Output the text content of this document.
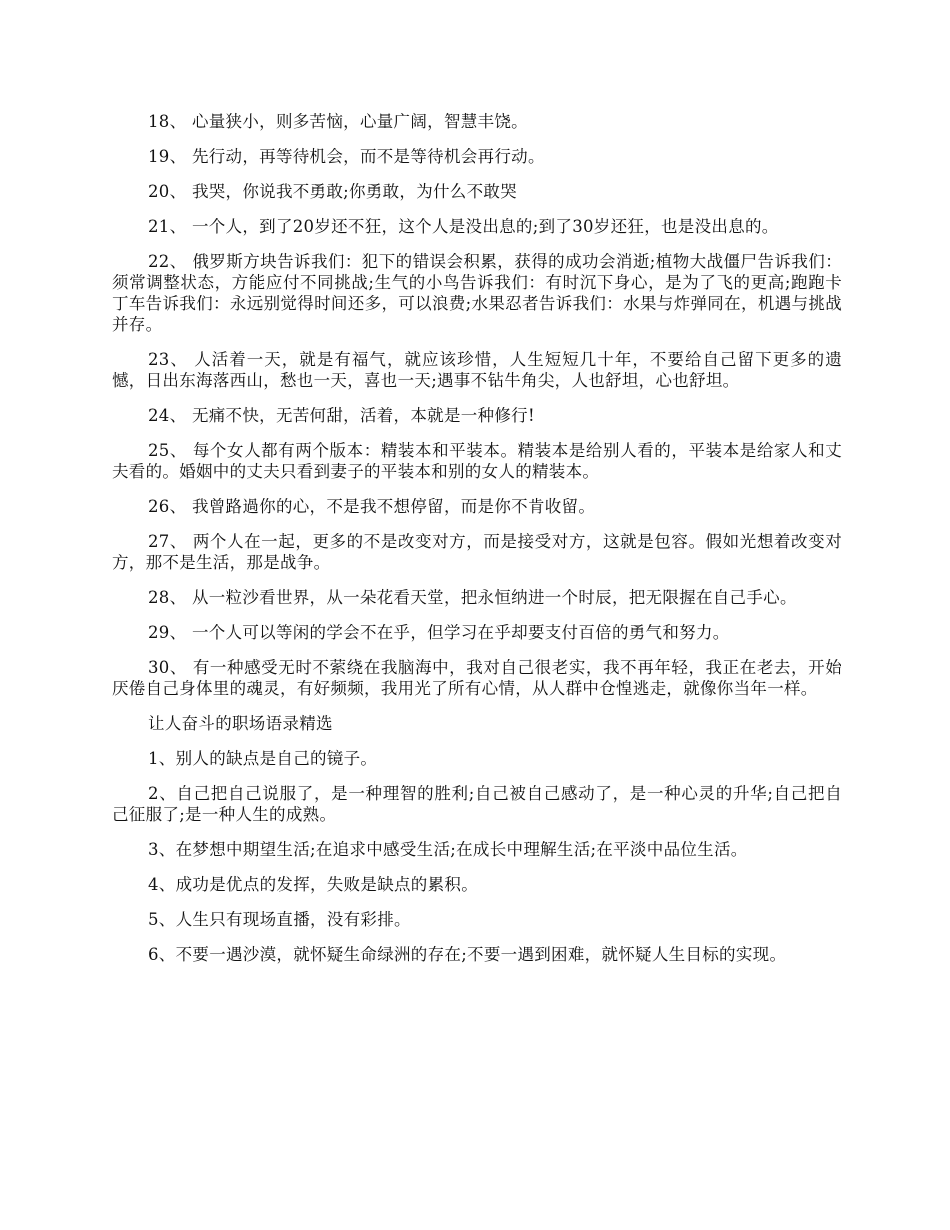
18、 心量狭小，则多苦恼，心量广阔，智慧丰饶。

19、 先行动，再等待机会，而不是等待机会再行动。

20、 我哭，你说我不勇敢;你勇敢，为什么不敢哭

21、 一个人，到了20岁还不狂，这个人是没出息的;到了30岁还狂，也是没出息的。

22、 俄罗斯方块告诉我们：犯下的错误会积累，获得的成功会消逝;植物大战僵尸告诉我们：须常调整状态，方能应付不同挑战;生气的小鸟告诉我们：有时沉下身心，是为了飞的更高;跑跑卡丁车告诉我们：永远别觉得时间还多，可以浪费;水果忍者告诉我们：水果与炸弹同在，机遇与挑战并存。

23、 人活着一天，就是有福气，就应该珍惜，人生短短几十年，不要给自己留下更多的遗憾，日出东海落西山，愁也一天，喜也一天;遇事不钻牛角尖，人也舒坦，心也舒坦。

24、 无痛不快，无苦何甜，活着，本就是一种修行!

25、 每个女人都有两个版本：精装本和平装本。精装本是给别人看的，平装本是给家人和丈夫看的。婚姻中的丈夫只看到妻子的平装本和别的女人的精装本。

26、 我曾路過你的心，不是我不想停留，而是你不肯收留。

27、 两个人在一起，更多的不是改变对方，而是接受对方，这就是包容。假如光想着改变对方，那不是生活，那是战争。

28、 从一粒沙看世界，从一朵花看天堂，把永恒纳进一个时辰，把无限握在自己手心。

29、 一个人可以等闲的学会不在乎，但学习在乎却要支付百倍的勇气和努力。

30、 有一种感受无时不萦绕在我脑海中，我对自己很老实，我不再年轻，我正在老去，开始厌倦自己身体里的魂灵，有好频频，我用光了所有心情，从人群中仓惶逃走，就像你当年一样。

让人奋斗的职场语录精选

1、别人的缺点是自己的镜子。

2、自己把自己说服了，是一种理智的胜利;自己被自己感动了，是一种心灵的升华;自己把自己征服了;是一种人生的成熟。

3、在梦想中期望生活;在追求中感受生活;在成长中理解生活;在平淡中品位生活。

4、成功是优点的发挥，失败是缺点的累积。

5、人生只有现场直播，没有彩排。

6、不要一遇沙漠，就怀疑生命绿洲的存在;不要一遇到困难，就怀疑人生目标的实现。
